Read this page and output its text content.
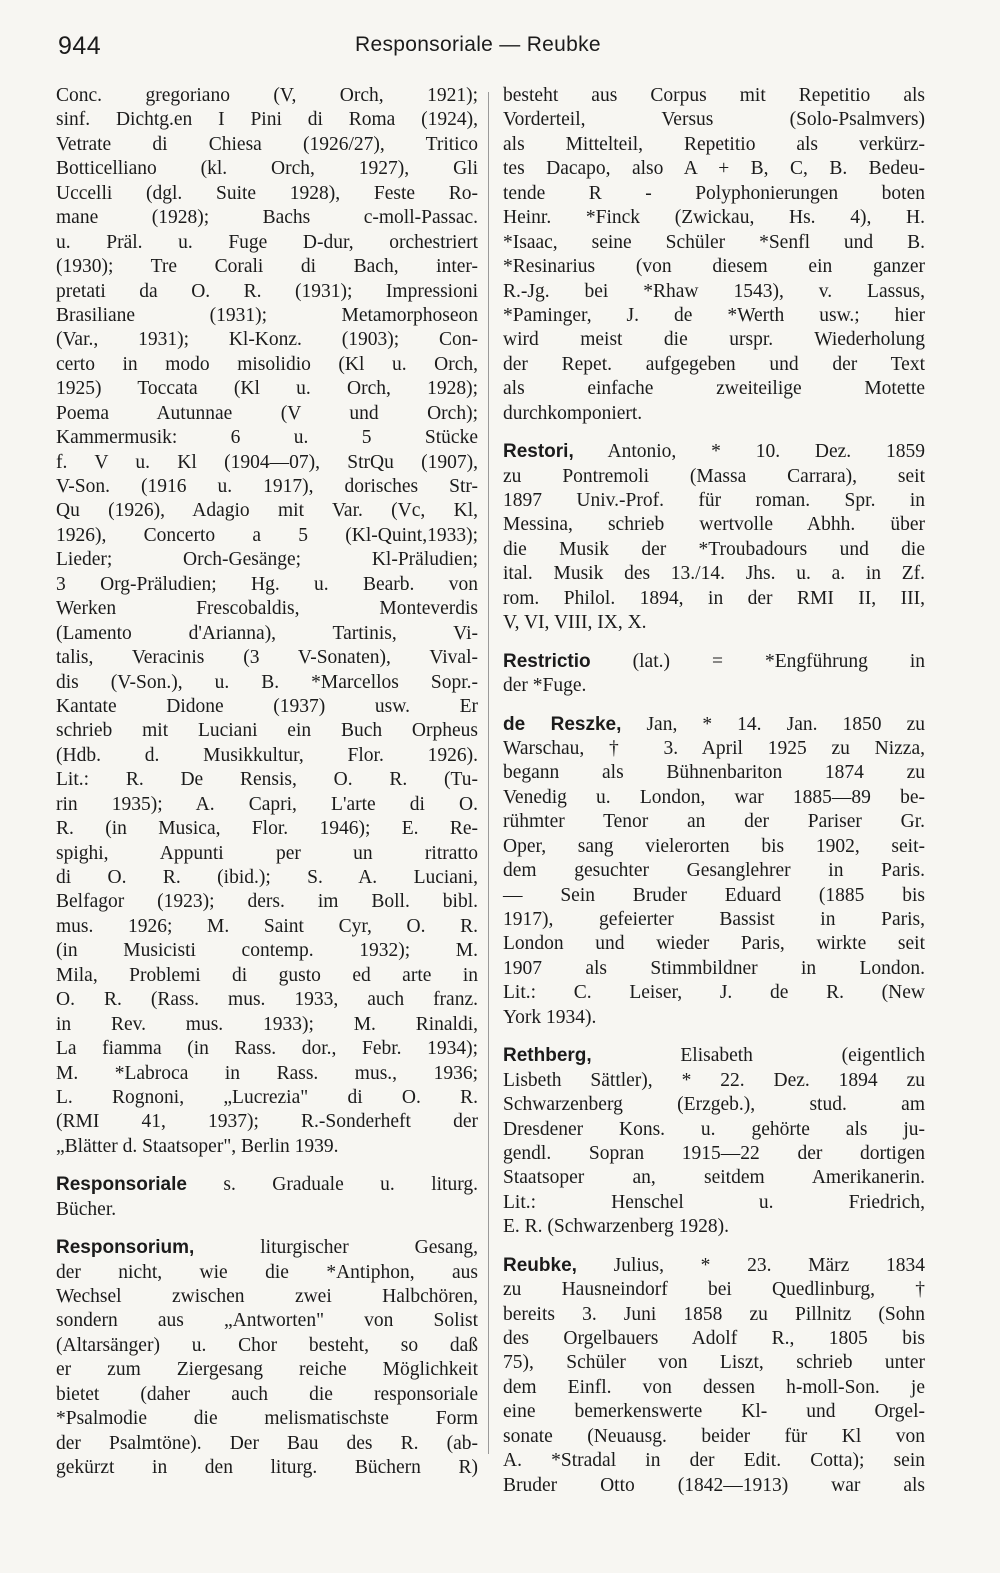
944	Responsoriale — Reubke
Conc. gregoriano (V, Orch, 1921);
sinf. Dichtg.en I Pini di Roma (1924),
Vetrate di Chiesa (1926/27), Tritico
Botticelliano (kl. Orch, 1927), Gli
Uccelli (dgl. Suite 1928), Feste Ro-
mane (1928); Bachs c-moll-Passac.
u. Präl. u. Fuge D-dur, orchestriert
(1930); Tre Corali di Bach, inter-
pretati da O. R. (1931); Impressioni
Brasiliane (1931); Metamorphoseon
(Var., 1931); Kl-Konz. (1903); Con-
certo in modo misolidio (Kl u. Orch,
1925) Toccata (Kl u. Orch, 1928);
Poema Autunnae (V und Orch);
Kammermusik: 6 u. 5 Stücke
f. V u. Kl (1904—07), StrQu (1907),
V-Son. (1916 u. 1917), dorisches Str-
Qu (1926), Adagio mit Var. (Vc, Kl,
1926), Concerto a 5 (Kl-Quint,1933);
Lieder; Orch-Gesänge; Kl-Präludien;
3 Org-Präludien; Hg. u. Bearb. von
Werken Frescobaldis, Monteverdis
(Lamento d'Arianna), Tartinis, Vi-
talis, Veracinis (3 V-Sonaten), Vival-
dis (V-Son.), u. B. *Marcellos Sopr.-
Kantate Didone (1937) usw. Er
schrieb mit Luciani ein Buch Orpheus
(Hdb. d. Musikkultur, Flor. 1926).
Lit.: R. De Rensis, O. R. (Tu-
rin 1935); A. Capri, L'arte di O.
R. (in Musica, Flor. 1946); E. Re-
spighi, Appunti per un ritratto
di O. R. (ibid.); S. A. Luciani,
Belfagor (1923); ders. im Boll. bibl.
mus. 1926; M. Saint Cyr, O. R.
(in Musicisti contemp. 1932); M.
Mila, Problemi di gusto ed arte in
O. R. (Rass. mus. 1933, auch franz.
in Rev. mus. 1933); M. Rinaldi,
La fiamma (in Rass. dor., Febr. 1934);
M. *Labroca in Rass. mus., 1936;
L. Rognoni, „Lucrezia" di O. R.
(RMI 41, 1937); R.-Sonderheft der
„Blätter d. Staatsoper", Berlin 1939.
Responsoriale s. Graduale u. liturg.
Bücher.
Responsorium, liturgischer Gesang,
der nicht, wie die *Antiphon, aus
Wechsel zwischen zwei Halbchören,
sondern aus „Antworten" von Solist
(Altarsänger) u. Chor besteht, so daß
er zum Ziergesang reiche Möglichkeit
bietet (daher auch die responsoriale
*Psalmodie die melismatischste Form
der Psalmtöne). Der Bau des R. (ab-
gekürzt in den liturg. Büchern R)
besteht aus Corpus mit Repetitio als
Vorderteil, Versus (Solo-Psalmvers)
als Mittelteil, Repetitio als verkürz-
tes Dacapo, also A + B, C, B. Bedeu-
tende R - Polyphonierungen boten
Heinr. *Finck (Zwickau, Hs. 4), H.
*Isaac, seine Schüler *Senfl und B.
*Resinarius (von diesem ein ganzer
R.-Jg. bei *Rhaw 1543), v. Lassus,
*Paminger, J. de *Werth usw.; hier
wird meist die urspr. Wiederholung
der Repet. aufgegeben und der Text
als einfache zweiteilige Motette
durchkomponiert.
Restori, Antonio, * 10. Dez. 1859
zu Pontremoli (Massa Carrara), seit
1897 Univ.-Prof. für roman. Spr. in
Messina, schrieb wertvolle Abhh. über
die Musik der *Troubadours und die
ital. Musik des 13./14. Jhs. u. a. in Zf.
rom. Philol. 1894, in der RMI II, III,
V, VI, VIII, IX, X.
Restrictio (lat.) = *Engführung in
der *Fuge.
de Reszke, Jan, * 14. Jan. 1850 zu
Warschau, † 3. April 1925 zu Nizza,
begann als Bühnenbariton 1874 zu
Venedig u. London, war 1885—89 be-
rühmter Tenor an der Pariser Gr.
Oper, sang vielerorten bis 1902, seit-
dem gesuchter Gesanglehrer in Paris.
— Sein Bruder Eduard (1885 bis
1917), gefeierter Bassist in Paris,
London und wieder Paris, wirkte seit
1907 als Stimmbildner in London.
Lit.: C. Leiser, J. de R. (New
York 1934).
Rethberg, Elisabeth (eigentlich
Lisbeth Sättler), * 22. Dez. 1894 zu
Schwarzenberg (Erzgeb.), stud. am
Dresdener Kons. u. gehörte als ju-
gendl. Sopran 1915—22 der dortigen
Staatsoper an, seitdem Amerikanerin.
Lit.: Henschel u. Friedrich,
E. R. (Schwarzenberg 1928).
Reubke, Julius, * 23. März 1834
zu Hausneindorf bei Quedlinburg, †
bereits 3. Juni 1858 zu Pillnitz (Sohn
des Orgelbauers Adolf R., 1805 bis
75), Schüler von Liszt, schrieb unter
dem Einfl. von dessen h-moll-Son. je
eine bemerkenswerte Kl- und Orgel-
sonate (Neuausg. beider für Kl von
A. *Stradal in der Edit. Cotta); sein
Bruder Otto (1842—1913) war als
